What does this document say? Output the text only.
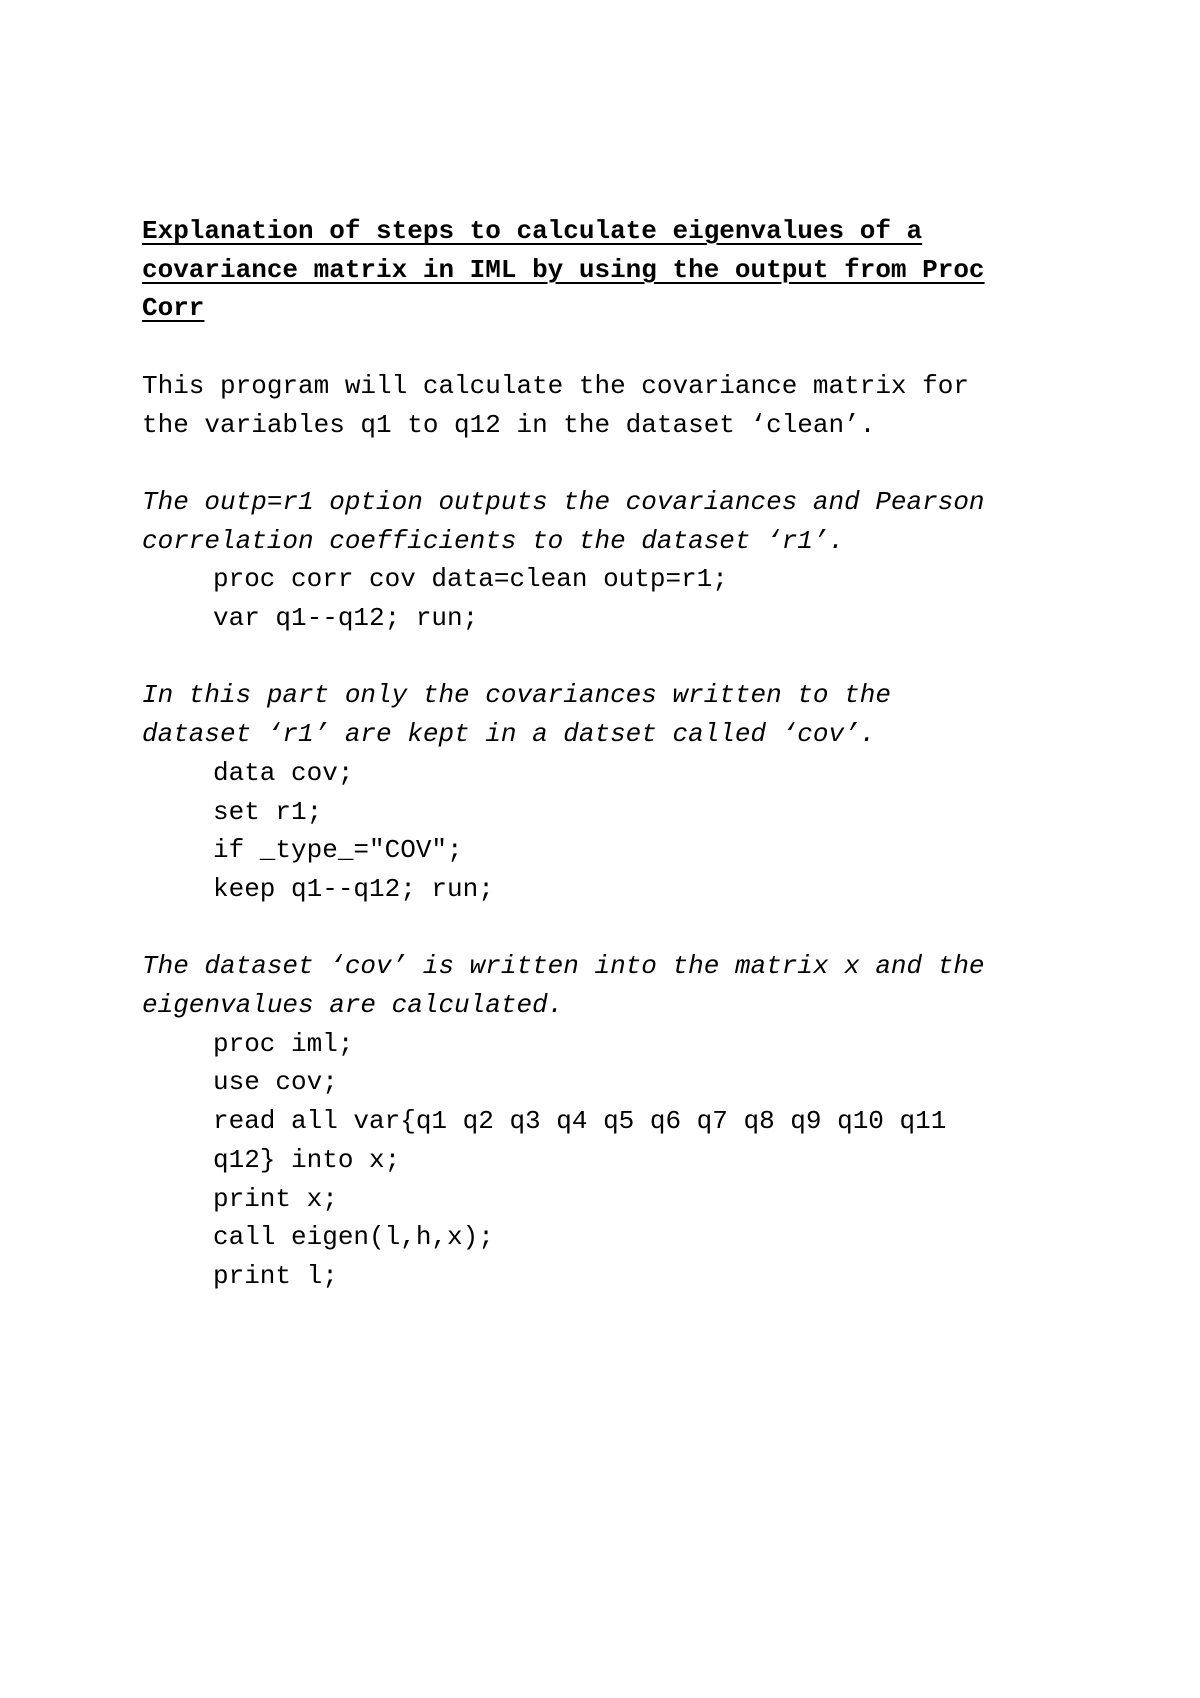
Explanation of steps to calculate eigenvalues of a
covariance matrix in IML by using the output from Proc
Corr
This program will calculate the covariance matrix for
the variables q1 to q12 in the dataset ‘clean’.
The outp=r1 option outputs the covariances and Pearson
correlation coefficients to the dataset ‘r1’.
proc corr cov data=clean outp=r1;
var q1--q12; run;
In this part only the covariances written to the
dataset ‘r1’ are kept in a datset called ‘cov’.
data cov;
set r1;
if _type_="COV";
keep q1--q12; run;
The dataset ‘cov’ is written into the matrix x and the
eigenvalues are calculated.
proc iml;
use cov;
read all var{q1 q2 q3 q4 q5 q6 q7 q8 q9 q10 q11
q12} into x;
print x;
call eigen(l,h,x);
print l;
